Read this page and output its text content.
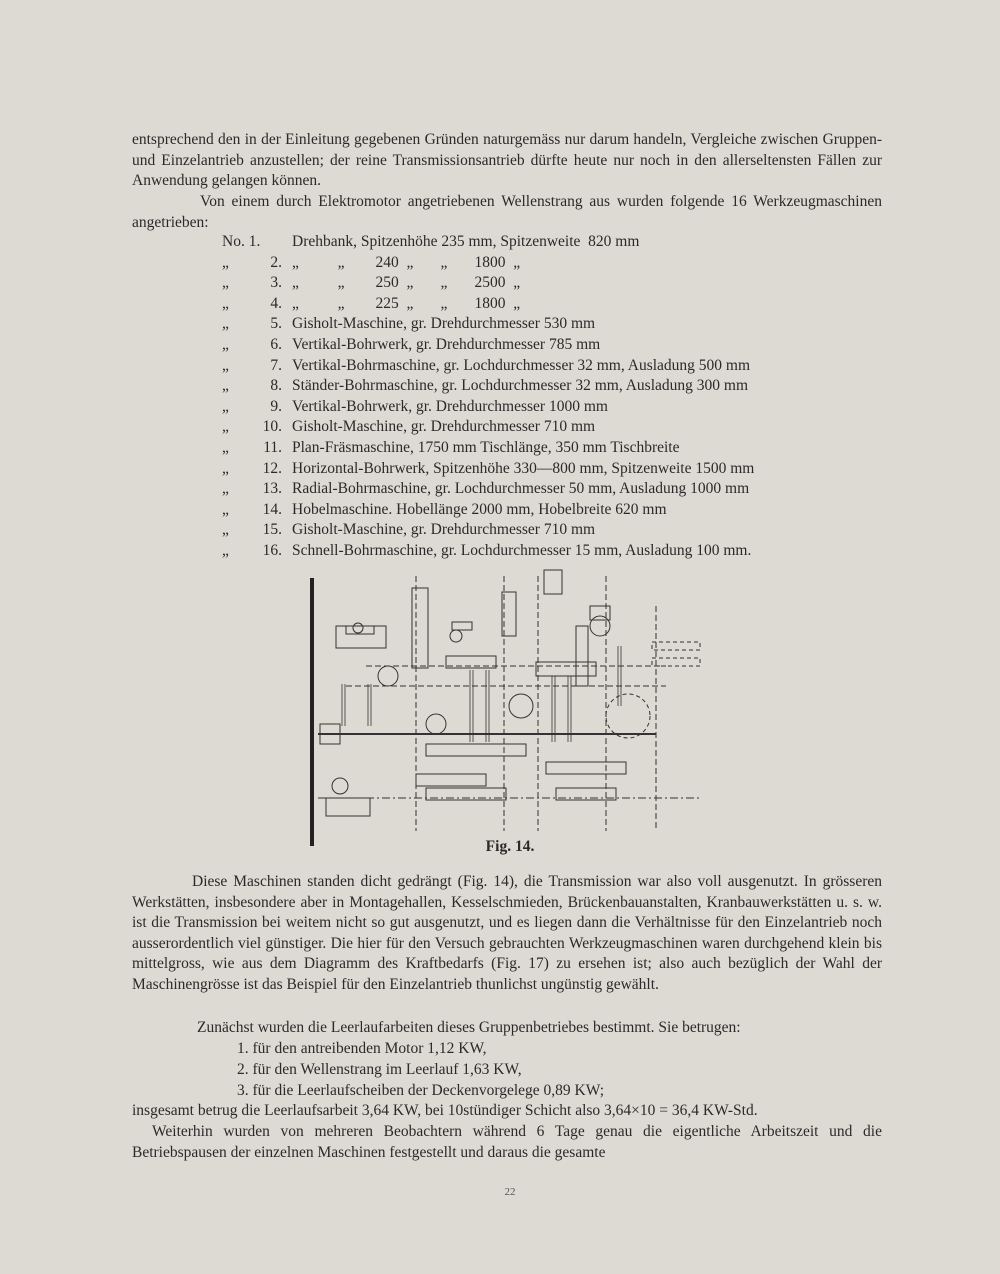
entsprechend den in der Einleitung gegebenen Gründen naturgemäss nur darum handeln, Vergleiche zwischen Gruppen- und Einzelantrieb anzustellen; der reine Transmissionsantrieb dürfte heute nur noch in den allerseltensten Fällen zur Anwendung gelangen können.
Von einem durch Elektromotor angetriebenen Wellenstrang aus wurden folgende 16 Werkzeugmaschinen angetrieben:
No. 1.	Drehbank, Spitzenhöhe 235 mm, Spitzenweite  820 mm
„	2. „          „        240  „       „       1800  „
„	3. „          „        250  „       „       2500  „
„	4. „          „        225  „       „       1800  „
„	5. Gisholt-Maschine, gr. Drehdurchmesser 530 mm
„	6. Vertikal-Bohrwerk, gr. Drehdurchmesser 785 mm
„	7. Vertikal-Bohrmaschine, gr. Lochdurchmesser 32 mm, Ausladung 500 mm
„	8. Ständer-Bohrmaschine, gr. Lochdurchmesser 32 mm, Ausladung 300 mm
„	9. Vertikal-Bohrwerk, gr. Drehdurchmesser 1000 mm
„	10. Gisholt-Maschine, gr. Drehdurchmesser 710 mm
„	11. Plan-Fräsmaschine, 1750 mm Tischlänge, 350 mm Tischbreite
„	12. Horizontal-Bohrwerk, Spitzenhöhe 330—800 mm, Spitzenweite 1500 mm
„	13. Radial-Bohrmaschine, gr. Lochdurchmesser 50 mm, Ausladung 1000 mm
„	14. Hobelmaschine. Hobellänge 2000 mm, Hobelbreite 620 mm
„	15. Gisholt-Maschine, gr. Drehdurchmesser 710 mm
„	16. Schnell-Bohrmaschine, gr. Lochdurchmesser 15 mm, Ausladung 100 mm.
Fig. 14.
Diese Maschinen standen dicht gedrängt (Fig. 14), die Transmission war also voll ausgenutzt. In grösseren Werkstätten, insbesondere aber in Montagehallen, Kesselschmieden, Brückenbauanstalten, Kranbauwerkstätten u. s. w. ist die Transmission bei weitem nicht so gut ausgenutzt, und es liegen dann die Verhältnisse für den Einzelantrieb noch ausserordentlich viel günstiger. Die hier für den Versuch gebrauchten Werkzeugmaschinen waren durchgehend klein bis mittelgross, wie aus dem Diagramm des Kraftbedarfs (Fig. 17) zu ersehen ist; also auch bezüglich der Wahl der Maschinengrösse ist das Beispiel für den Einzelantrieb thunlichst ungünstig gewählt.
Zunächst wurden die Leerlaufarbeiten dieses Gruppenbetriebes bestimmt. Sie betrugen:
1. für den antreibenden Motor 1,12 KW,
2. für den Wellenstrang im Leerlauf 1,63 KW,
3. für die Leerlaufscheiben der Deckenvorgelege 0,89 KW;
insgesamt betrug die Leerlaufsarbeit 3,64 KW, bei 10stündiger Schicht also 3,64×10 = 36,4 KW-Std.
Weiterhin wurden von mehreren Beobachtern während 6 Tage genau die eigentliche Arbeitszeit und die Betriebspausen der einzelnen Maschinen festgestellt und daraus die gesamte
22
